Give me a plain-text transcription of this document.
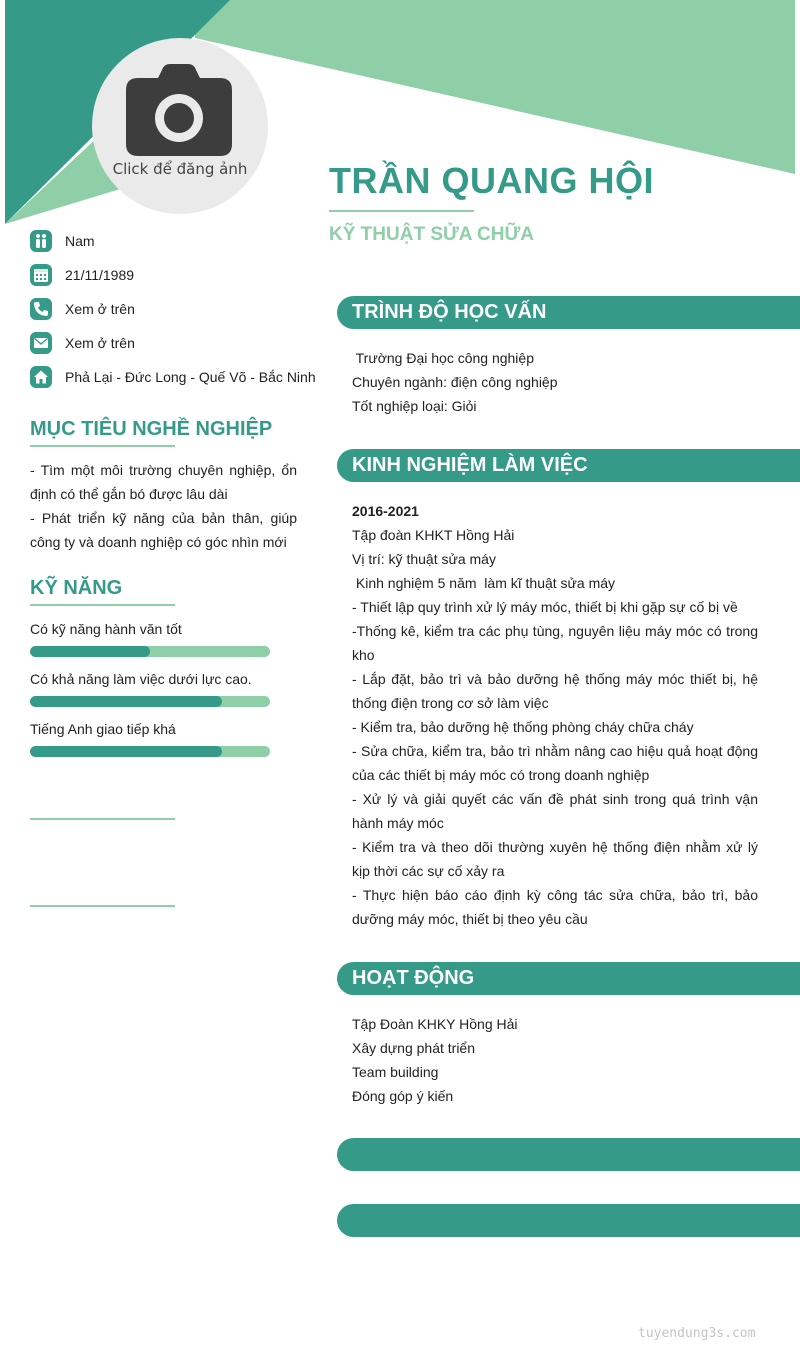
Click để đăng ảnh	TRẦN QUANG HỘI
KỸ THUẬT SỬA CHỮA
Nam
21/11/1989
Xem ở trên
Xem ở trên
Phả Lại - Đức Long - Quế Võ - Bắc Ninh
MỤC TIÊU NGHỀ NGHIỆP

- Tìm một môi trường chuyên nghiệp, ổn định có thể gắn bó được lâu dài

- Phát triển kỹ năng của bản thân, giúp công ty và doanh nghiệp có góc nhìn mới

KỸ NĂNG
Có kỹ năng hành văn tốt
Có khả năng làm việc dưới lực cao.
Tiếng Anh giao tiếp khá
TRÌNH ĐỘ HỌC VẤN

Trường Đại học công nghiệp

Chuyên ngành: điện công nghiệp

Tốt nghiệp loại: Giỏi

KINH NGHIỆM LÀM VIỆC

2016-2021

Tập đoàn KHKT Hồng Hải

Vị trí: kỹ thuật sửa máy

Kinh nghiệm 5 năm  làm kĩ thuật sửa máy

- Thiết lập quy trình xử lý máy móc, thiết bị khi gặp sự cố bị về

-Thống kê, kiểm tra các phụ tùng, nguyên liệu máy móc có trong kho

- Lắp đặt, bảo trì và bảo dưỡng hệ thống máy móc thiết bị, hệ thống điện trong cơ sở làm việc

- Kiểm tra, bảo dưỡng hệ thống phòng cháy chữa cháy

- Sửa chữa, kiểm tra, bảo trì nhằm nâng cao hiệu quả hoạt động của các thiết bị máy móc có trong doanh nghiệp

- Xử lý và giải quyết các vấn đề phát sinh trong quá trình vận hành máy móc

- Kiểm tra và theo dõi thường xuyên hệ thống điện nhằm xử lý kịp thời các sự cố xảy ra

- Thực hiện báo cáo định kỳ công tác sửa chữa, bảo trì, bảo dưỡng máy móc, thiết bị theo yêu cầu

HOẠT ĐỘNG

Tập Đoàn KHKY Hồng Hải

Xây dựng phát triển

Team building

Đóng góp ý kiến

tuyendung3s.com
